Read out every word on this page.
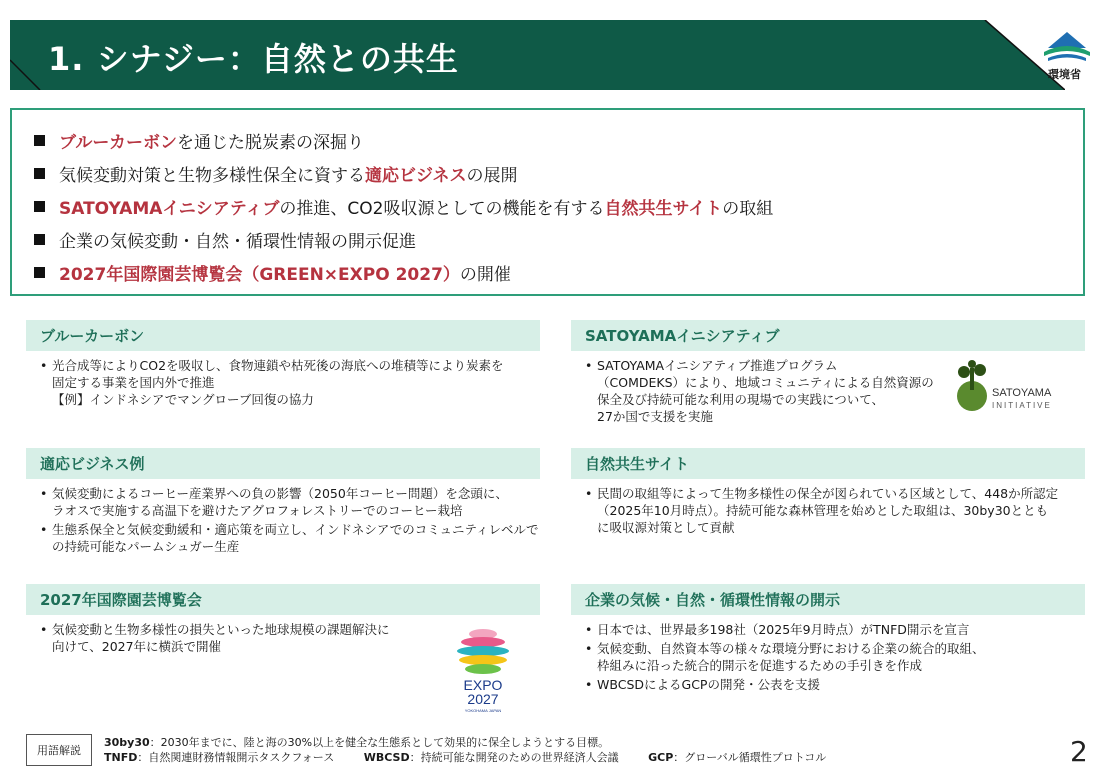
1. シナジー：自然との共生	環境省
ブルーカーボン を通じた脱炭素の深掘り
気候変動対策と生物多様性保全に資する 適応ビジネス の展開
SATOYAMAイニシアティブ の推進、CO2吸収源としての機能を有する 自然共生サイト の取組
企業の気候変動・自然・循環性情報の開示促進
2027年国際園芸博覧会（GREEN×EXPO 2027） の開催
ブルーカーボン
• 光合成等によりCO2を吸収し、食物連鎖や枯死後の海底への堆積等により炭素を
固定する事業を国内外で推進
【例】インドネシアでマングローブ回復の協力
SATOYAMAイニシアティブ
• SATOYAMAイニシアティブ推進プログラム
（COMDEKS）により、地域コミュニティによる自然資源の
保全及び持続可能な利用の現場での実践について、
27か国で支援を実施
SATOYAMA
INITIATIVE
適応ビジネス例
• 気候変動によるコーヒー産業界への負の影響（2050年コーヒー問題）を念頭に、
ラオスで実施する高温下を避けたアグロフォレストリーでのコーヒー栽培
• 生態系保全と気候変動緩和・適応策を両立し、インドネシアでのコミュニティレベルで
の持続可能なパームシュガー生産
自然共生サイト
• 民間の取組等によって生物多様性の保全が図られている区域として、448か所認定
（2025年10月時点）。持続可能な森林管理を始めとした取組は、30by30ととも
に吸収源対策として貢献
2027年国際園芸博覧会
• 気候変動と生物多様性の損失といった地球規模の課題解決に
向けて、2027年に横浜で開催
EXPO
2027
YOKOHAMA JAPAN
企業の気候・自然・循環性情報の開示
• 日本では、世界最多198社（2025年9月時点）がTNFD開示を宣言
• 気候変動、自然資本等の様々な環境分野における企業の統合的取組、
枠組みに沿った統合的開示を促進するための手引きを作成
• WBCSDによるGCPの開発・公表を支援
用語解説
30by30：2030年までに、陸と海の30%以上を健全な生態系として効果的に保全しようとする目標。
TNFD：自然関連財務情報開示タスクフォース	WBCSD：持続可能な開発のための世界経済人会議	GCP：グローバル循環性プロトコル	2
